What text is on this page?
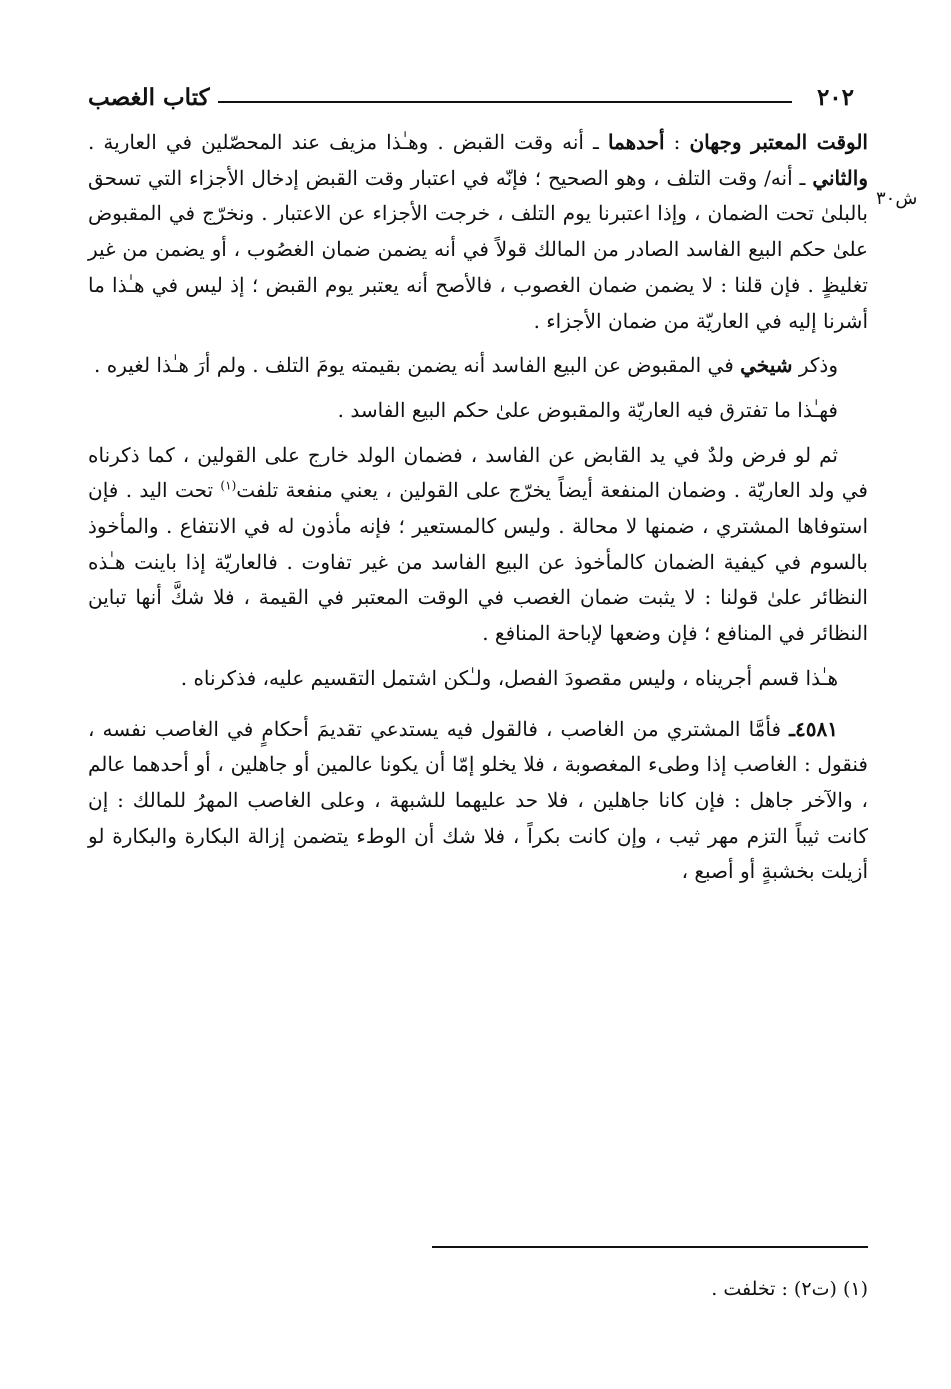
٢٠٢
كتاب الغصب
ش٣٠

الوقت المعتبر وجهان : أحدهما ـ أنه وقت القبض . وهـٰذا مزيف عند المحصّلين في العارية . والثاني ـ أنه/ وقت التلف ، وهو الصحيح ؛ فإنّه في اعتبار وقت القبض إدخال الأجزاء التي تسحق بالبلىٰ تحت الضمان ، وإذا اعتبرنا يوم التلف ، خرجت الأجزاء عن الاعتبار . ونخرّج في المقبوض علىٰ حكم البيع الفاسد الصادر من المالك قولاً في أنه يضمن ضمان الغصُوب ، أو يضمن من غير تغليظٍ . فإن قلنا : لا يضمن ضمان الغصوب ، فالأصح أنه يعتبر يوم القبض ؛ إذ ليس في هـٰذا ما أشرنا إليه في العاريّة من ضمان الأجزاء .

وذكر شيخي في المقبوض عن البيع الفاسد أنه يضمن بقيمته يومَ التلف . ولم أرَ هـٰذا لغيره .

فهـٰذا ما تفترق فيه العاريّة والمقبوض علىٰ حكم البيع الفاسد .

ثم لو فرض ولدٌ في يد القابض عن الفاسد ، فضمان الولد خارج على القولين ، كما ذكرناه في ولد العاريّة . وضمان المنفعة أيضاً يخرّج على القولين ، يعني منفعة تلفت$^{(١)}$ تحت اليد . فإن استوفاها المشتري ، ضمنها لا محالة . وليس كالمستعير ؛ فإنه مأذون له في الانتفاع . والمأخوذ بالسوم في كيفية الضمان كالمأخوذ عن البيع الفاسد من غير تفاوت . فالعاريّة إذا باينت هـٰذه النظائر علىٰ قولنا : لا يثبت ضمان الغصب في الوقت المعتبر في القيمة ، فلا شكَّ أنها تباين النظائر في المنافع ؛ فإن وضعها لإباحة المنافع .

هـٰذا قسم أجريناه ، وليس مقصودَ الفصل، ولـٰكن اشتمل التقسيم عليه، فذكرناه .

٤٥٨١ـ فأمَّا المشتري من الغاصب ، فالقول فيه يستدعي تقديمَ أحكامٍ في الغاصب نفسه ، فنقول : الغاصب إذا وطىء المغصوبة ، فلا يخلو إمّا أن يكونا عالمين أو جاهلين ، أو أحدهما عالم ، والآخر جاهل : فإن كانا جاهلين ، فلا حد عليهما للشبهة ، وعلى الغاصب المهرُ للمالك : إن كانت ثيباً التزم مهر ثيب ، وإن كانت بكراً ، فلا شك أن الوطء يتضمن إزالة البكارة والبكارة لو أزيلت بخشبةٍ أو أصبع ،

(١) (ت٢) : تخلفت .
